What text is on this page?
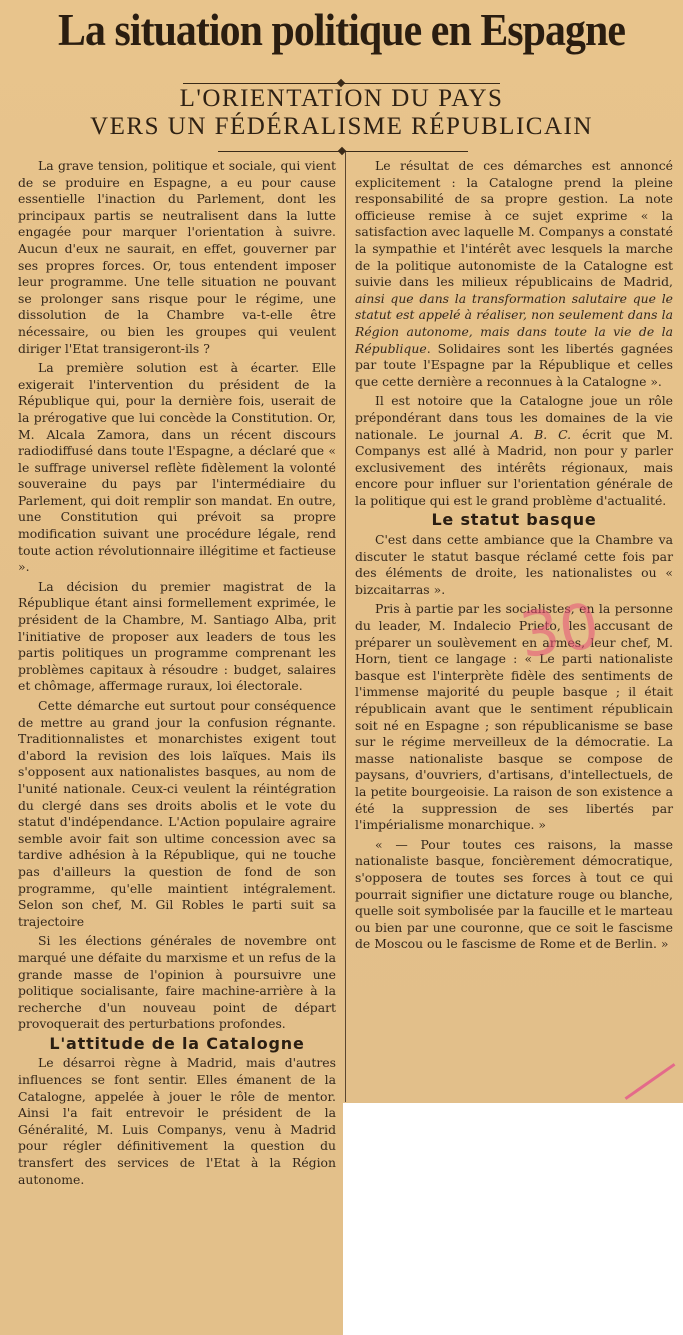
La situation politique en Espagne
L'ORIENTATION DU PAYS
VERS UN FÉDÉRALISME RÉPUBLICAIN

La grave tension, politique et sociale, qui vient de se produire en Espagne, a eu pour cause essentielle l'inaction du Parlement, dont les principaux partis se neutralisent dans la lutte engagée pour marquer l'orientation à suivre. Aucun d'eux ne saurait, en effet, gouverner par ses propres forces. Or, tous entendent imposer leur programme. Une telle situation ne pouvant se prolonger sans risque pour le régime, une dissolution de la Chambre va-t-elle être nécessaire, ou bien les groupes qui veulent diriger l'Etat transigeront-ils ?

La première solution est à écarter. Elle exigerait l'intervention du président de la République qui, pour la dernière fois, userait de la prérogative que lui concède la Constitution. Or, M. Alcala Zamora, dans un récent discours radiodiffusé dans toute l'Espagne, a déclaré que « le suffrage universel reflète fidèlement la volonté souveraine du pays par l'intermédiaire du Parlement, qui doit remplir son mandat. En outre, une Constitution qui prévoit sa propre modification suivant une procédure légale, rend toute action révolutionnaire illégitime et factieuse ».

La décision du premier magistrat de la République étant ainsi formellement exprimée, le président de la Chambre, M. Santiago Alba, prit l'initiative de proposer aux leaders de tous les partis politiques un programme comprenant les problèmes capitaux à résoudre : budget, salaires et chômage, affermage ruraux, loi électorale.

Cette démarche eut surtout pour conséquence de mettre au grand jour la confusion régnante. Traditionnalistes et monarchistes exigent tout d'abord la revision des lois laïques. Mais ils s'opposent aux nationalistes basques, au nom de l'unité nationale. Ceux-ci veulent la réintégration du clergé dans ses droits abolis et le vote du statut d'indépendance. L'Action populaire agraire semble avoir fait son ultime concession avec sa tardive adhésion à la République, qui ne touche pas d'ailleurs la question de fond de son programme, qu'elle maintient intégralement. Selon son chef, M. Gil Robles le parti suit sa trajectoire

Si les élections générales de novembre ont marqué une défaite du marxisme et un refus de la grande masse de l'opinion à poursuivre une politique socialisante, faire machine-arrière à la recherche d'un nouveau point de départ provoquerait des perturbations profondes.

L'attitude de la Catalogne

Le désarroi règne à Madrid, mais d'autres influences se font sentir. Elles émanent de la Catalogne, appelée à jouer le rôle de mentor. Ainsi l'a fait entrevoir le président de la Généralité, M. Luis Companys, venu à Madrid pour régler définitivement la question du transfert des services de l'Etat à la Région autonome.

Le résultat de ces démarches est annoncé explicitement : la Catalogne prend la pleine responsabilité de sa propre gestion. La note officieuse remise à ce sujet exprime « la satisfaction avec laquelle M. Companys a constaté la sympathie et l'intérêt avec lesquels la marche de la politique autonomiste de la Catalogne est suivie dans les milieux républicains de Madrid, ainsi que dans la transformation salutaire que le statut est appelé à réaliser, non seulement dans la Région autonome, mais dans toute la vie de la République. Solidaires sont les libertés gagnées par toute l'Espagne par la République et celles que cette dernière a reconnues à la Catalogne ».

Il est notoire que la Catalogne joue un rôle prépondérant dans tous les domaines de la vie nationale. Le journal A. B. C. écrit que M. Companys est allé à Madrid, non pour y parler exclusivement des intérêts régionaux, mais encore pour influer sur l'orientation générale de la politique qui est le grand problème d'actualité.

Le statut basque

C'est dans cette ambiance que la Chambre va discuter le statut basque réclamé cette fois par des éléments de droite, les nationalistes ou « bizcaitarras ».

Pris à partie par les socialistes, en la personne du leader, M. Indalecio Prieto, les accusant de préparer un soulèvement en armes, leur chef, M. Horn, tient ce langage : « Le parti nationaliste basque est l'interprète fidèle des sentiments de l'immense majorité du peuple basque ; il était républicain avant que le sentiment républicain soit né en Espagne ; son républicanisme se base sur le régime merveilleux de la démocratie. La masse nationaliste basque se compose de paysans, d'ouvriers, d'artisans, d'intellectuels, de la petite bourgeoisie. La raison de son existence a été la suppression de ses libertés par l'impérialisme monarchique. »

« — Pour toutes ces raisons, la masse nationaliste basque, foncièrement démocratique, s'opposera de toutes ses forces à tout ce qui pourrait signifier une dictature rouge ou blanche, quelle soit symbolisée par la faucille et le marteau ou bien par une couronne, que ce soit le fascisme de Moscou ou le fascisme de Rome et de Berlin. »

30
